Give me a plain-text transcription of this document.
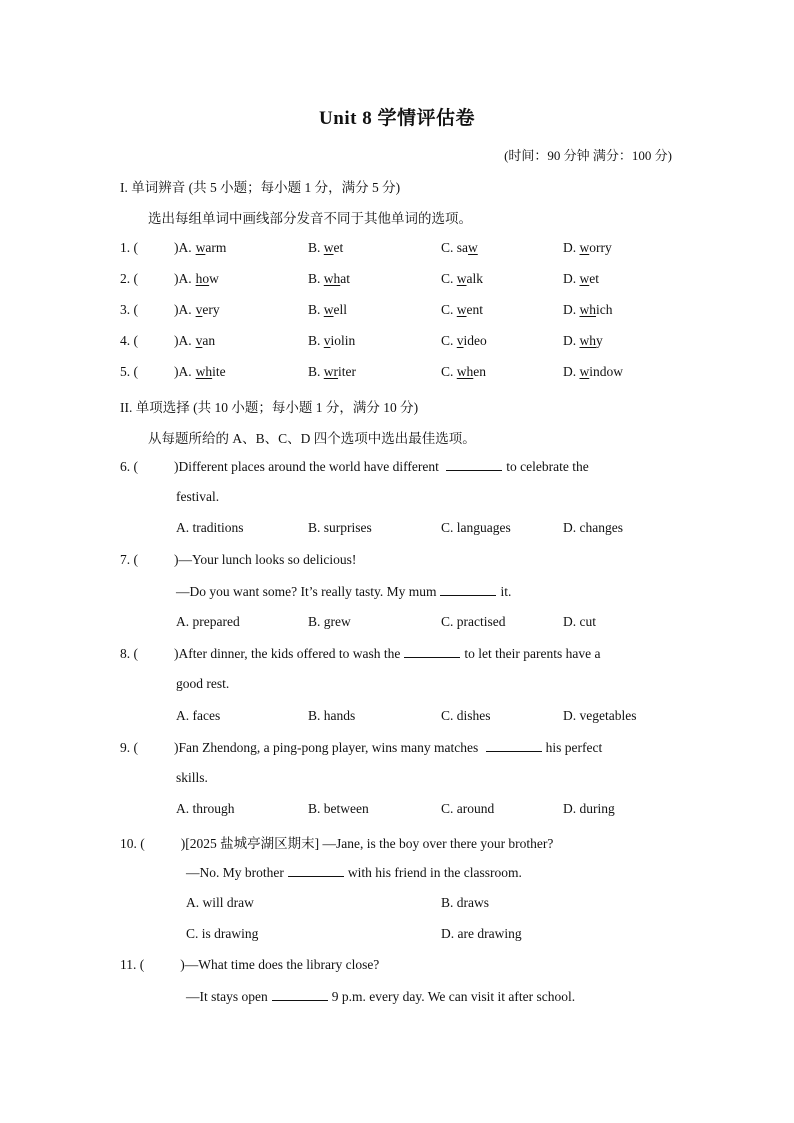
Unit 8 学情评估卷
(时间：90 分钟 满分：100 分)
I. 单词辨音 (共 5 小题；每小题 1 分，满分 5 分)
选出每组单词中画线部分发音不同于其他单词的选项。
1. (	)A. warm	B. wet	C. saw	D. worry
2. (	)A. how	B. what	C. walk	D. wet
3. (	)A. very	B. well	C. went	D. which
4. (	)A. van	B. violin	C. video	D. why
5. (	)A. white	B. writer	C. when	D. window
II. 单项选择 (共 10 小题；每小题 1 分，满分 10 分)
从每题所给的 A、B、C、D 四个选项中选出最佳选项。
6. (	)Different places around the world have different	to celebrate the
festival.
A. traditions	B. surprises	C. languages	D. changes
7. (	)—Your lunch looks so delicious!
—Do you want some? It’s really tasty. My mum	it.
A. prepared	B. grew	C. practised	D. cut
8. (	)After dinner, the kids offered to wash the	to let their parents have a
good rest.
A. faces	B. hands	C. dishes	D. vegetables
9. (	)Fan Zhendong, a ping-pong player, wins many matches	his perfect
skills.
A. through	B. between	C. around	D. during
10. (	)[2025 盐城亭湖区期末] —Jane, is the boy over there your brother?
—No. My brother	with his friend in the classroom.
A. will draw	B. draws
C. is drawing	D. are drawing
11. (	)—What time does the library close?
—It stays open	9 p.m. every day. We can visit it after school.
